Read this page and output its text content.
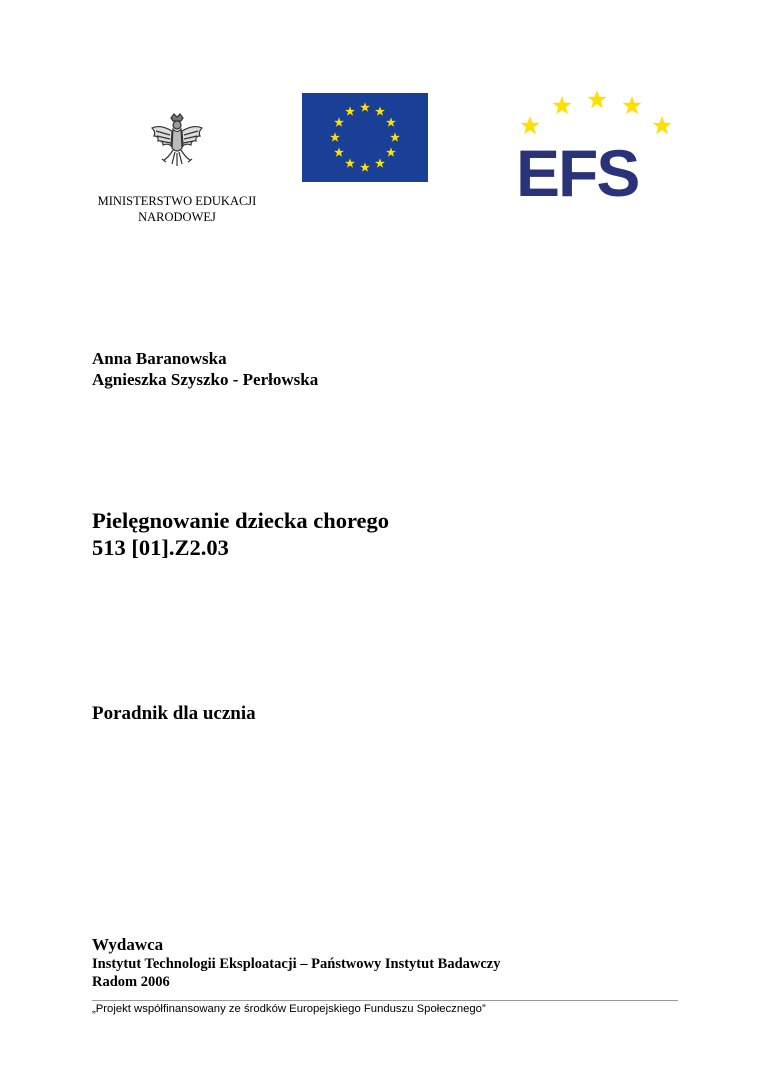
MINISTERSTWO EDUKACJI
NARODOWEJ
EFS
Anna Baranowska
Agnieszka Szyszko - Perłowska
Pielęgnowanie dziecka chorego
513 [01].Z2.03
Poradnik dla ucznia
Wydawca
Instytut Technologii Eksploatacji – Państwowy Instytut Badawczy
Radom 2006
„Projekt współfinansowany ze środków Europejskiego Funduszu Społecznego”
